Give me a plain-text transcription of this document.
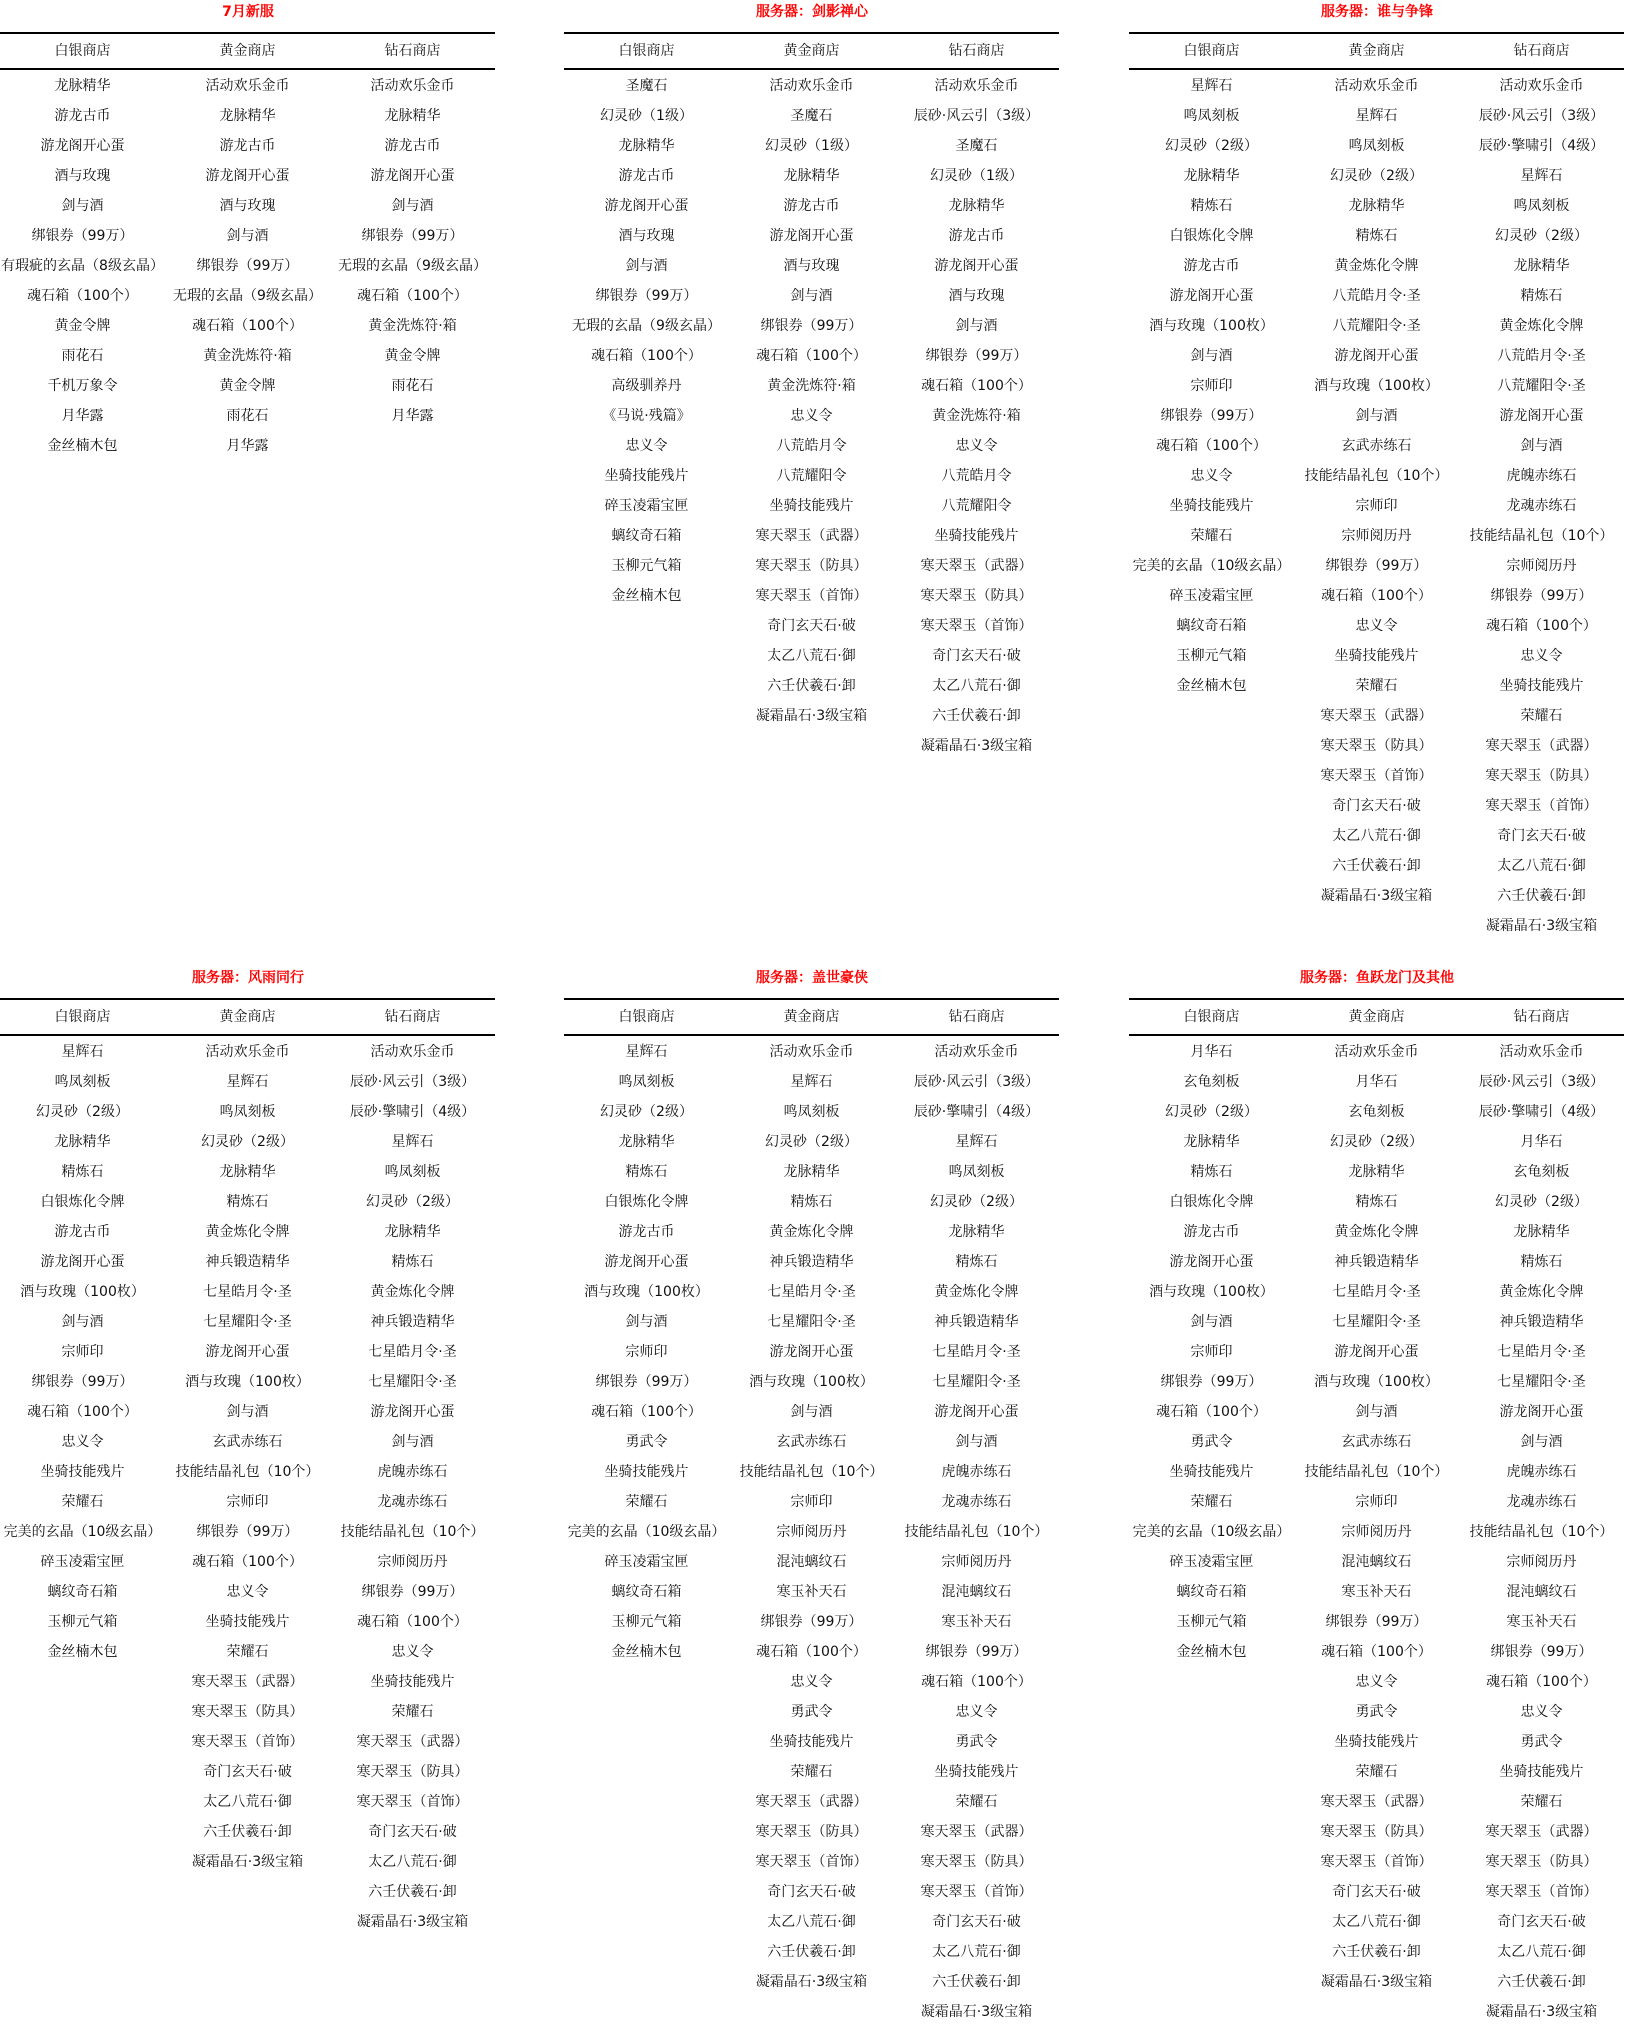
7月新服
白银商店
龙脉精华
游龙古币
游龙阁开心蛋
酒与玫瑰
剑与酒
绑银券（99万）
有瑕疵的玄晶（8级玄晶）
魂石箱（100个）
黄金令牌
雨花石
千机万象令
月华露
金丝楠木包
黄金商店
活动欢乐金币
龙脉精华
游龙古币
游龙阁开心蛋
酒与玫瑰
剑与酒
绑银券（99万）
无瑕的玄晶（9级玄晶）
魂石箱（100个）
黄金洗炼符·箱
黄金令牌
雨花石
月华露
钻石商店
活动欢乐金币
龙脉精华
游龙古币
游龙阁开心蛋
剑与酒
绑银券（99万）
无瑕的玄晶（9级玄晶）
魂石箱（100个）
黄金洗炼符·箱
黄金令牌
雨花石
月华露
服务器：剑影禅心
白银商店
圣魔石
幻灵砂（1级）
龙脉精华
游龙古币
游龙阁开心蛋
酒与玫瑰
剑与酒
绑银券（99万）
无瑕的玄晶（9级玄晶）
魂石箱（100个）
高级驯养丹
《马说·残篇》
忠义令
坐骑技能残片
碎玉凌霜宝匣
螭纹奇石箱
玉柳元气箱
金丝楠木包
黄金商店
活动欢乐金币
圣魔石
幻灵砂（1级）
龙脉精华
游龙古币
游龙阁开心蛋
酒与玫瑰
剑与酒
绑银券（99万）
魂石箱（100个）
黄金洗炼符·箱
忠义令
八荒皓月令
八荒耀阳令
坐骑技能残片
寒天翠玉（武器）
寒天翠玉（防具）
寒天翠玉（首饰）
奇门玄天石·破
太乙八荒石·御
六壬伏羲石·卸
凝霜晶石·3级宝箱
钻石商店
活动欢乐金币
辰砂·风云引（3级）
圣魔石
幻灵砂（1级）
龙脉精华
游龙古币
游龙阁开心蛋
酒与玫瑰
剑与酒
绑银券（99万）
魂石箱（100个）
黄金洗炼符·箱
忠义令
八荒皓月令
八荒耀阳令
坐骑技能残片
寒天翠玉（武器）
寒天翠玉（防具）
寒天翠玉（首饰）
奇门玄天石·破
太乙八荒石·御
六壬伏羲石·卸
凝霜晶石·3级宝箱
服务器：谁与争锋
白银商店
星辉石
鸣凤刻板
幻灵砂（2级）
龙脉精华
精炼石
白银炼化令牌
游龙古币
游龙阁开心蛋
酒与玫瑰（100枚）
剑与酒
宗师印
绑银券（99万）
魂石箱（100个）
忠义令
坐骑技能残片
荣耀石
完美的玄晶（10级玄晶）
碎玉凌霜宝匣
螭纹奇石箱
玉柳元气箱
金丝楠木包
黄金商店
活动欢乐金币
星辉石
鸣凤刻板
幻灵砂（2级）
龙脉精华
精炼石
黄金炼化令牌
八荒皓月令·圣
八荒耀阳令·圣
游龙阁开心蛋
酒与玫瑰（100枚）
剑与酒
玄武赤练石
技能结晶礼包（10个）
宗师印
宗师阅历丹
绑银券（99万）
魂石箱（100个）
忠义令
坐骑技能残片
荣耀石
寒天翠玉（武器）
寒天翠玉（防具）
寒天翠玉（首饰）
奇门玄天石·破
太乙八荒石·御
六壬伏羲石·卸
凝霜晶石·3级宝箱
钻石商店
活动欢乐金币
辰砂·风云引（3级）
辰砂·擎啸引（4级）
星辉石
鸣凤刻板
幻灵砂（2级）
龙脉精华
精炼石
黄金炼化令牌
八荒皓月令·圣
八荒耀阳令·圣
游龙阁开心蛋
剑与酒
虎魄赤练石
龙魂赤练石
技能结晶礼包（10个）
宗师阅历丹
绑银券（99万）
魂石箱（100个）
忠义令
坐骑技能残片
荣耀石
寒天翠玉（武器）
寒天翠玉（防具）
寒天翠玉（首饰）
奇门玄天石·破
太乙八荒石·御
六壬伏羲石·卸
凝霜晶石·3级宝箱
服务器：风雨同行
白银商店
星辉石
鸣凤刻板
幻灵砂（2级）
龙脉精华
精炼石
白银炼化令牌
游龙古币
游龙阁开心蛋
酒与玫瑰（100枚）
剑与酒
宗师印
绑银券（99万）
魂石箱（100个）
忠义令
坐骑技能残片
荣耀石
完美的玄晶（10级玄晶）
碎玉凌霜宝匣
螭纹奇石箱
玉柳元气箱
金丝楠木包
黄金商店
活动欢乐金币
星辉石
鸣凤刻板
幻灵砂（2级）
龙脉精华
精炼石
黄金炼化令牌
神兵锻造精华
七星皓月令·圣
七星耀阳令·圣
游龙阁开心蛋
酒与玫瑰（100枚）
剑与酒
玄武赤练石
技能结晶礼包（10个）
宗师印
绑银券（99万）
魂石箱（100个）
忠义令
坐骑技能残片
荣耀石
寒天翠玉（武器）
寒天翠玉（防具）
寒天翠玉（首饰）
奇门玄天石·破
太乙八荒石·御
六壬伏羲石·卸
凝霜晶石·3级宝箱
钻石商店
活动欢乐金币
辰砂·风云引（3级）
辰砂·擎啸引（4级）
星辉石
鸣凤刻板
幻灵砂（2级）
龙脉精华
精炼石
黄金炼化令牌
神兵锻造精华
七星皓月令·圣
七星耀阳令·圣
游龙阁开心蛋
剑与酒
虎魄赤练石
龙魂赤练石
技能结晶礼包（10个）
宗师阅历丹
绑银券（99万）
魂石箱（100个）
忠义令
坐骑技能残片
荣耀石
寒天翠玉（武器）
寒天翠玉（防具）
寒天翠玉（首饰）
奇门玄天石·破
太乙八荒石·御
六壬伏羲石·卸
凝霜晶石·3级宝箱
服务器：盖世豪侠
白银商店
星辉石
鸣凤刻板
幻灵砂（2级）
龙脉精华
精炼石
白银炼化令牌
游龙古币
游龙阁开心蛋
酒与玫瑰（100枚）
剑与酒
宗师印
绑银券（99万）
魂石箱（100个）
勇武令
坐骑技能残片
荣耀石
完美的玄晶（10级玄晶）
碎玉凌霜宝匣
螭纹奇石箱
玉柳元气箱
金丝楠木包
黄金商店
活动欢乐金币
星辉石
鸣凤刻板
幻灵砂（2级）
龙脉精华
精炼石
黄金炼化令牌
神兵锻造精华
七星皓月令·圣
七星耀阳令·圣
游龙阁开心蛋
酒与玫瑰（100枚）
剑与酒
玄武赤练石
技能结晶礼包（10个）
宗师印
宗师阅历丹
混沌螭纹石
寒玉补天石
绑银券（99万）
魂石箱（100个）
忠义令
勇武令
坐骑技能残片
荣耀石
寒天翠玉（武器）
寒天翠玉（防具）
寒天翠玉（首饰）
奇门玄天石·破
太乙八荒石·御
六壬伏羲石·卸
凝霜晶石·3级宝箱
钻石商店
活动欢乐金币
辰砂·风云引（3级）
辰砂·擎啸引（4级）
星辉石
鸣凤刻板
幻灵砂（2级）
龙脉精华
精炼石
黄金炼化令牌
神兵锻造精华
七星皓月令·圣
七星耀阳令·圣
游龙阁开心蛋
剑与酒
虎魄赤练石
龙魂赤练石
技能结晶礼包（10个）
宗师阅历丹
混沌螭纹石
寒玉补天石
绑银券（99万）
魂石箱（100个）
忠义令
勇武令
坐骑技能残片
荣耀石
寒天翠玉（武器）
寒天翠玉（防具）
寒天翠玉（首饰）
奇门玄天石·破
太乙八荒石·御
六壬伏羲石·卸
凝霜晶石·3级宝箱
服务器：鱼跃龙门及其他
白银商店
月华石
玄龟刻板
幻灵砂（2级）
龙脉精华
精炼石
白银炼化令牌
游龙古币
游龙阁开心蛋
酒与玫瑰（100枚）
剑与酒
宗师印
绑银券（99万）
魂石箱（100个）
勇武令
坐骑技能残片
荣耀石
完美的玄晶（10级玄晶）
碎玉凌霜宝匣
螭纹奇石箱
玉柳元气箱
金丝楠木包
黄金商店
活动欢乐金币
月华石
玄龟刻板
幻灵砂（2级）
龙脉精华
精炼石
黄金炼化令牌
神兵锻造精华
七星皓月令·圣
七星耀阳令·圣
游龙阁开心蛋
酒与玫瑰（100枚）
剑与酒
玄武赤练石
技能结晶礼包（10个）
宗师印
宗师阅历丹
混沌螭纹石
寒玉补天石
绑银券（99万）
魂石箱（100个）
忠义令
勇武令
坐骑技能残片
荣耀石
寒天翠玉（武器）
寒天翠玉（防具）
寒天翠玉（首饰）
奇门玄天石·破
太乙八荒石·御
六壬伏羲石·卸
凝霜晶石·3级宝箱
钻石商店
活动欢乐金币
辰砂·风云引（3级）
辰砂·擎啸引（4级）
月华石
玄龟刻板
幻灵砂（2级）
龙脉精华
精炼石
黄金炼化令牌
神兵锻造精华
七星皓月令·圣
七星耀阳令·圣
游龙阁开心蛋
剑与酒
虎魄赤练石
龙魂赤练石
技能结晶礼包（10个）
宗师阅历丹
混沌螭纹石
寒玉补天石
绑银券（99万）
魂石箱（100个）
忠义令
勇武令
坐骑技能残片
荣耀石
寒天翠玉（武器）
寒天翠玉（防具）
寒天翠玉（首饰）
奇门玄天石·破
太乙八荒石·御
六壬伏羲石·卸
凝霜晶石·3级宝箱
